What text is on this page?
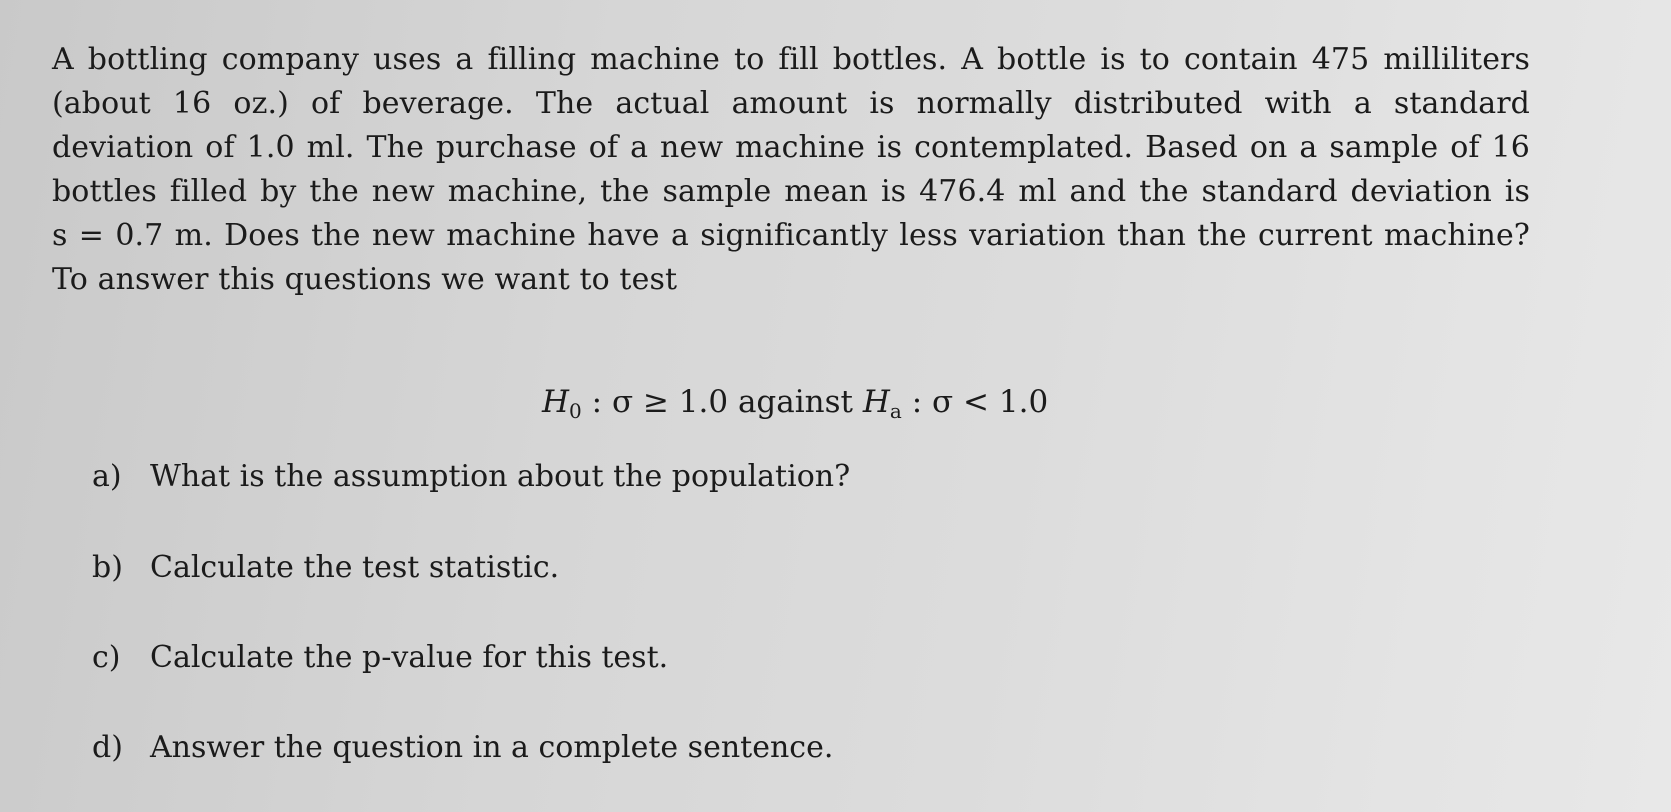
A bottling company uses a filling machine to fill bottles. A bottle is to contain 475 milliliters
(about 16 oz.) of beverage. The actual amount is normally distributed with a standard
deviation of 1.0 ml. The purchase of a new machine is contemplated. Based on a sample of 16
bottles filled by the new machine, the sample mean is 476.4 ml and the standard deviation is
s = 0.7 m. Does the new machine have a significantly less variation than the current machine?
To answer this questions we want to test

$H_0$ : σ ≥ 1.0 against $H_a$ : σ < 1.0
a) What is the assumption about the population?
b) Calculate the test statistic.
c) Calculate the p-value for this test.
d) Answer the question in a complete sentence.
